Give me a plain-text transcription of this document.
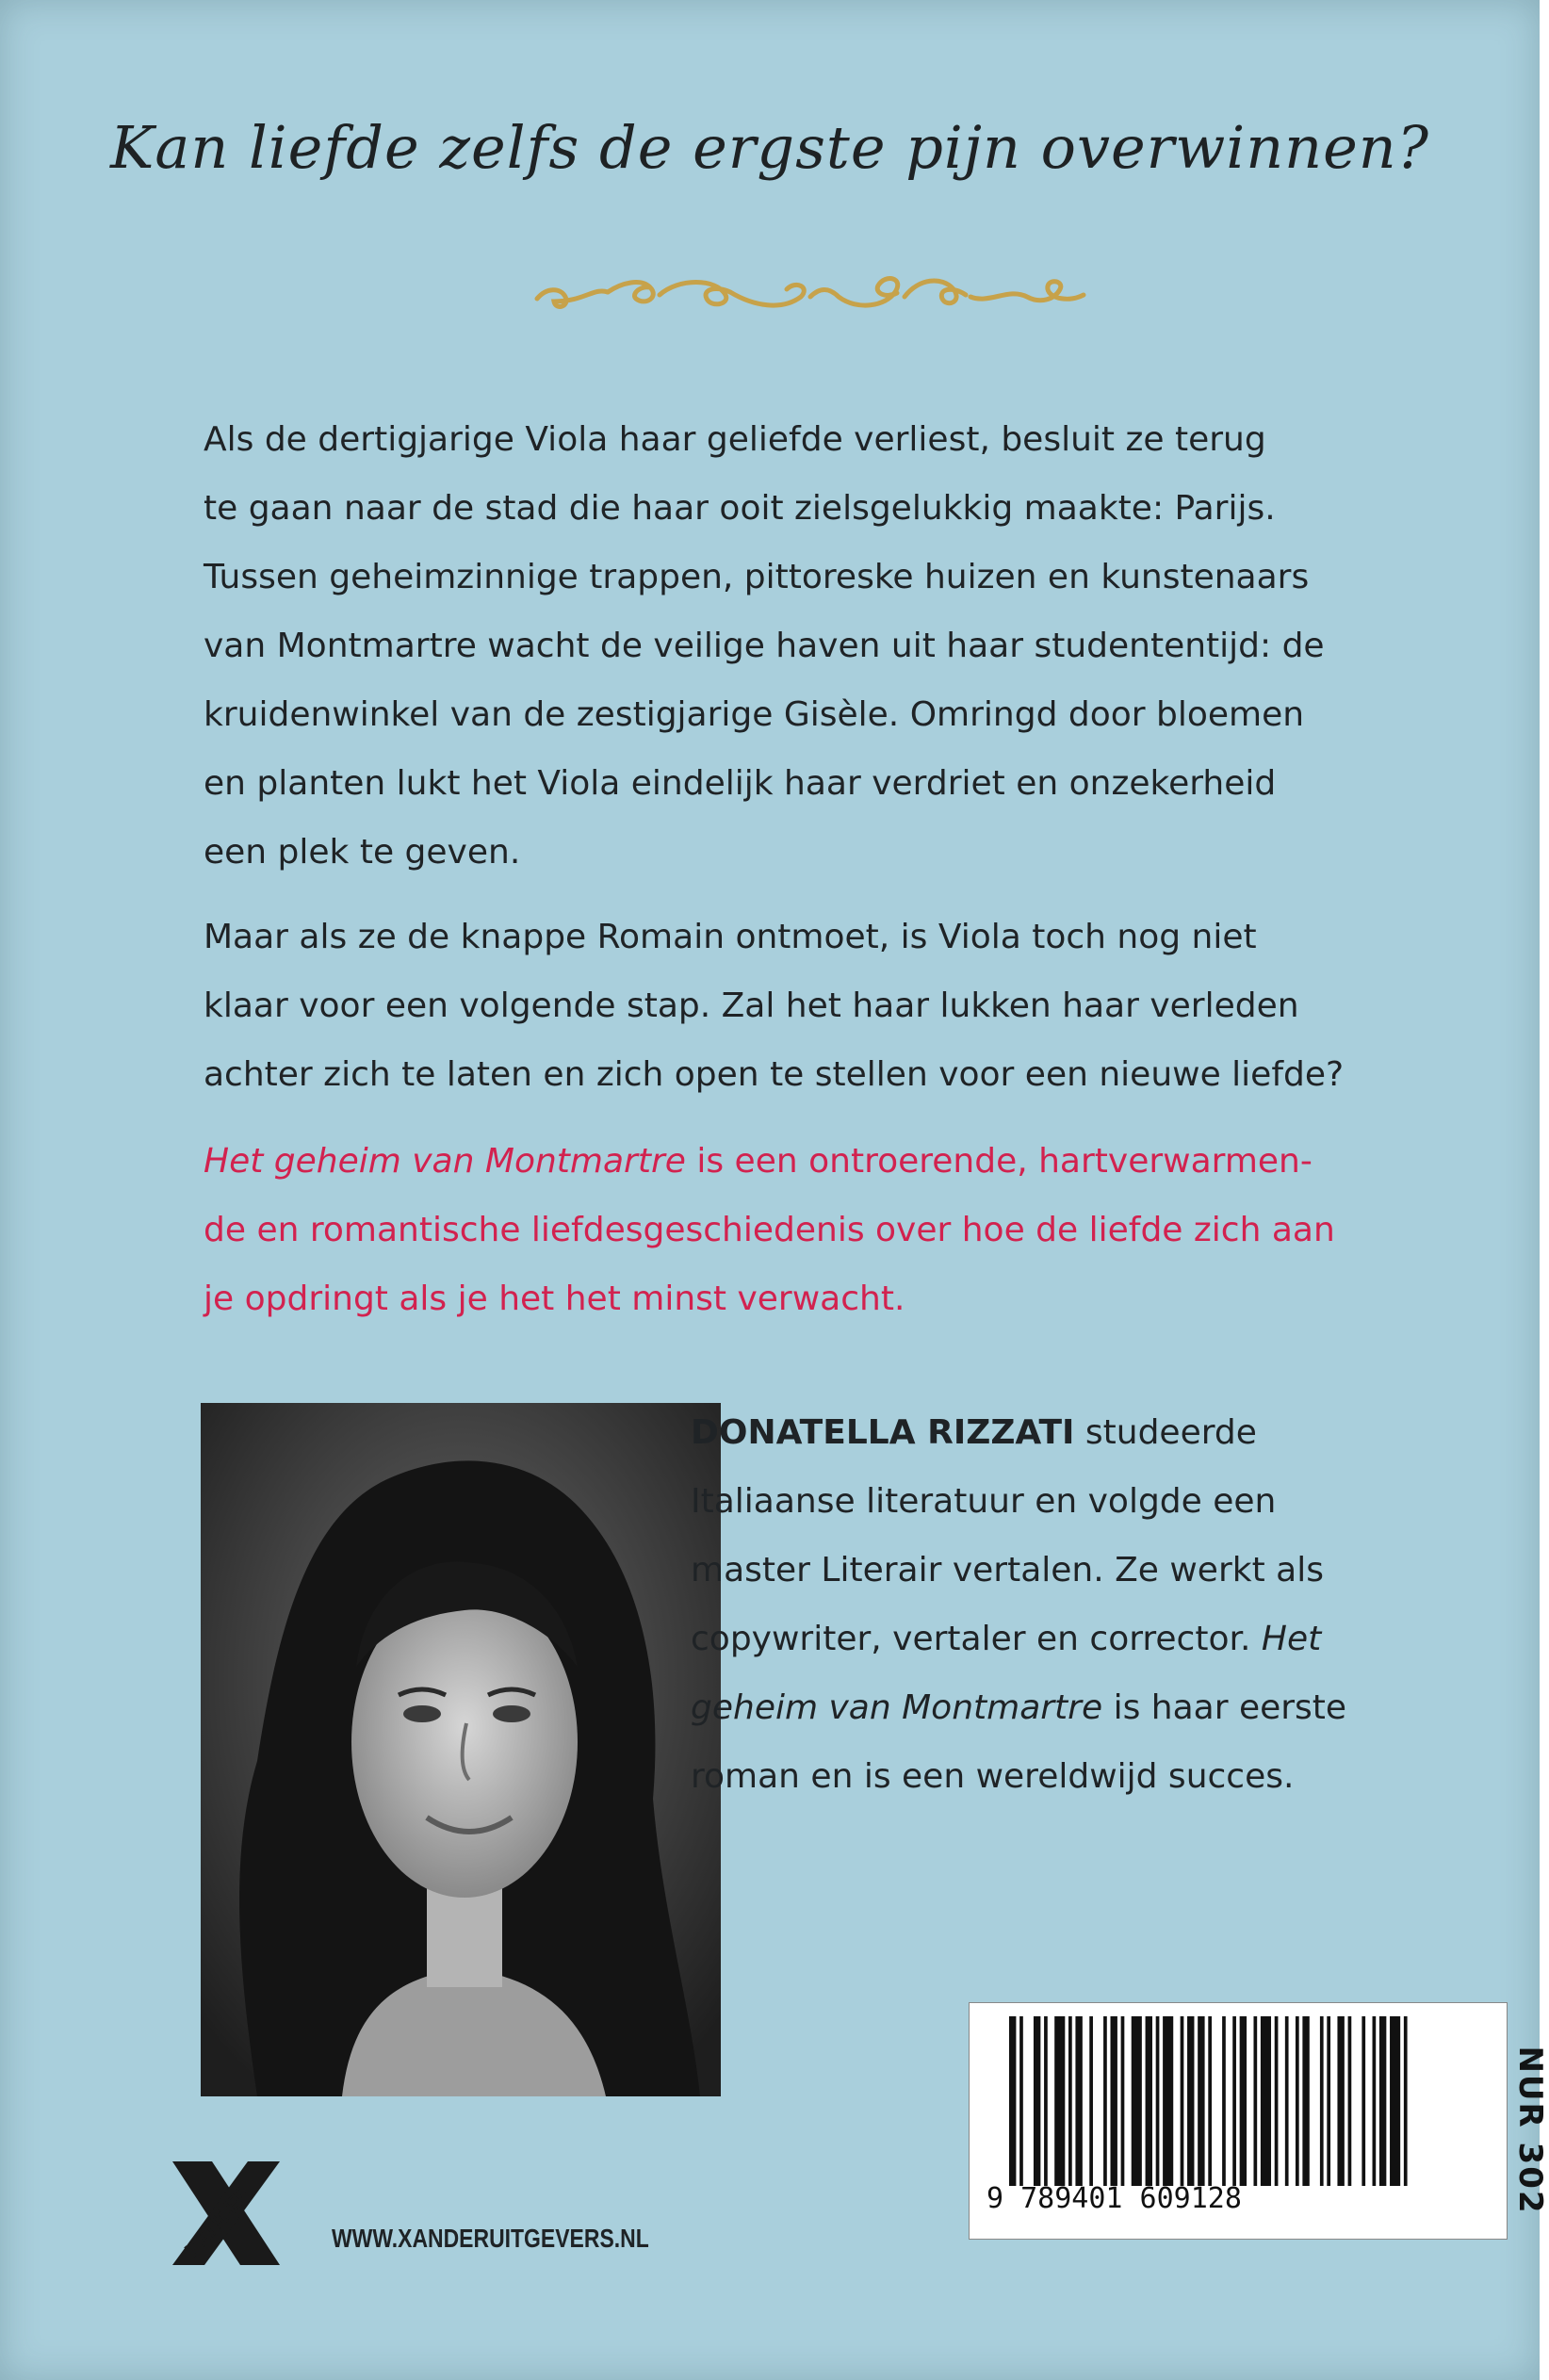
Kan liefde zelfs de ergste pijn overwinnen?

Als de dertigjarige Viola haar geliefde verliest, besluit ze terug
te gaan naar de stad die haar ooit zielsgelukkig maakte: Parijs.
Tussen geheimzinnige trappen, pittoreske huizen en kunstenaars
van Montmartre wacht de veilige haven uit haar studententijd: de
kruidenwinkel van de zestigjarige Gisèle. Omringd door bloemen
en planten lukt het Viola eindelijk haar verdriet en onzekerheid
een plek te geven.

Maar als ze de knappe Romain ontmoet, is Viola toch nog niet
klaar voor een volgende stap. Zal het haar lukken haar verleden
achter zich te laten en zich open te stellen voor een nieuwe liefde?

Het geheim van Montmartre is een ontroerende, hartverwarmen-
de en romantische liefdesgeschiedenis over hoe de liefde zich aan
je opdringt als je het het minst verwacht.

DONATELLA RIZZATI studeerde
Italiaanse literatuur en volgde een
master Literair vertalen. Ze werkt als
copywriter, vertaler en corrector. Het
geheim van Montmartre is haar eerste
roman en is een wereldwijd succes.

9 789401 609128	NUR 302

XANDER	WWW.XANDERUITGEVERS.NL
